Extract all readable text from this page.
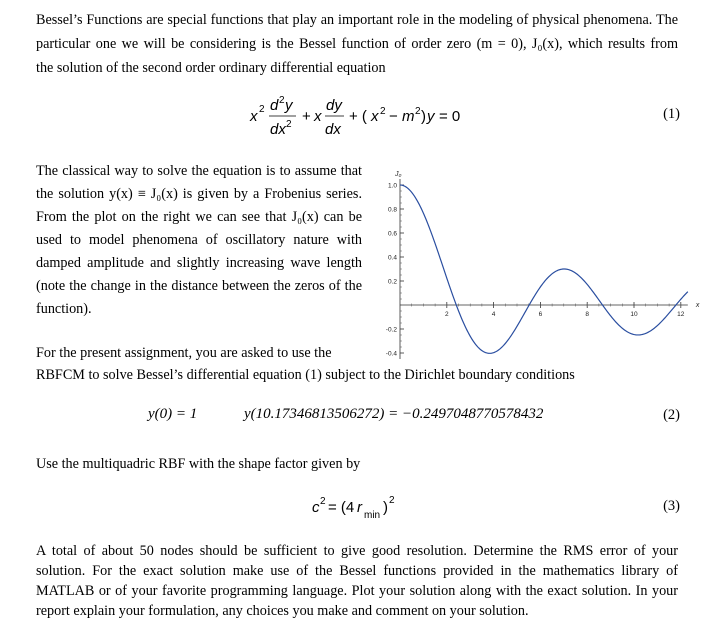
Bessel’s Functions are special functions that play an important role in the modeling of physical phenomena. The
particular one we will be considering is the Bessel function of order zero (m = 0), J₀(x), which results from
the solution of the second order ordinary differential equation
x 2 d 2 y
dx 2 + x
dy
dx
+ ( x 2 − m 2 ) y = 0	(1)
The classical way to solve the equation is to assume that
the solution y(x) ≡ J₀(x) is given by a Frobenius series.
From the plot on the right we can see that J₀(x) can be
used to model phenomena of oscillatory nature with
damped amplitude and slightly increasing wave length
(note the change in the distance between the zeros of the
function).
-0.4
-0.2
0.2
0.4
0.6
0.8
1.0
2	4	6	8	10	12
x
J₀
For the present assignment, you are asked to use the
RBFCM to solve Bessel’s differential equation (1) subject to the Dirichlet boundary conditions
y(0) = 1	y(10.17346813506272) = −0.2497048770578432	(2)
Use the multiquadric RBF with the shape factor given by
c 2 = (4 r min ) 2	(3)
A total of about 50 nodes should be sufficient to give good resolution. Determine the RMS error of your
solution. For the exact solution make use of the Bessel functions provided in the mathematics library of
MATLAB or of your favorite programming language. Plot your solution along with the exact solution. In your
report explain your formulation, any choices you make and comment on your solution.
